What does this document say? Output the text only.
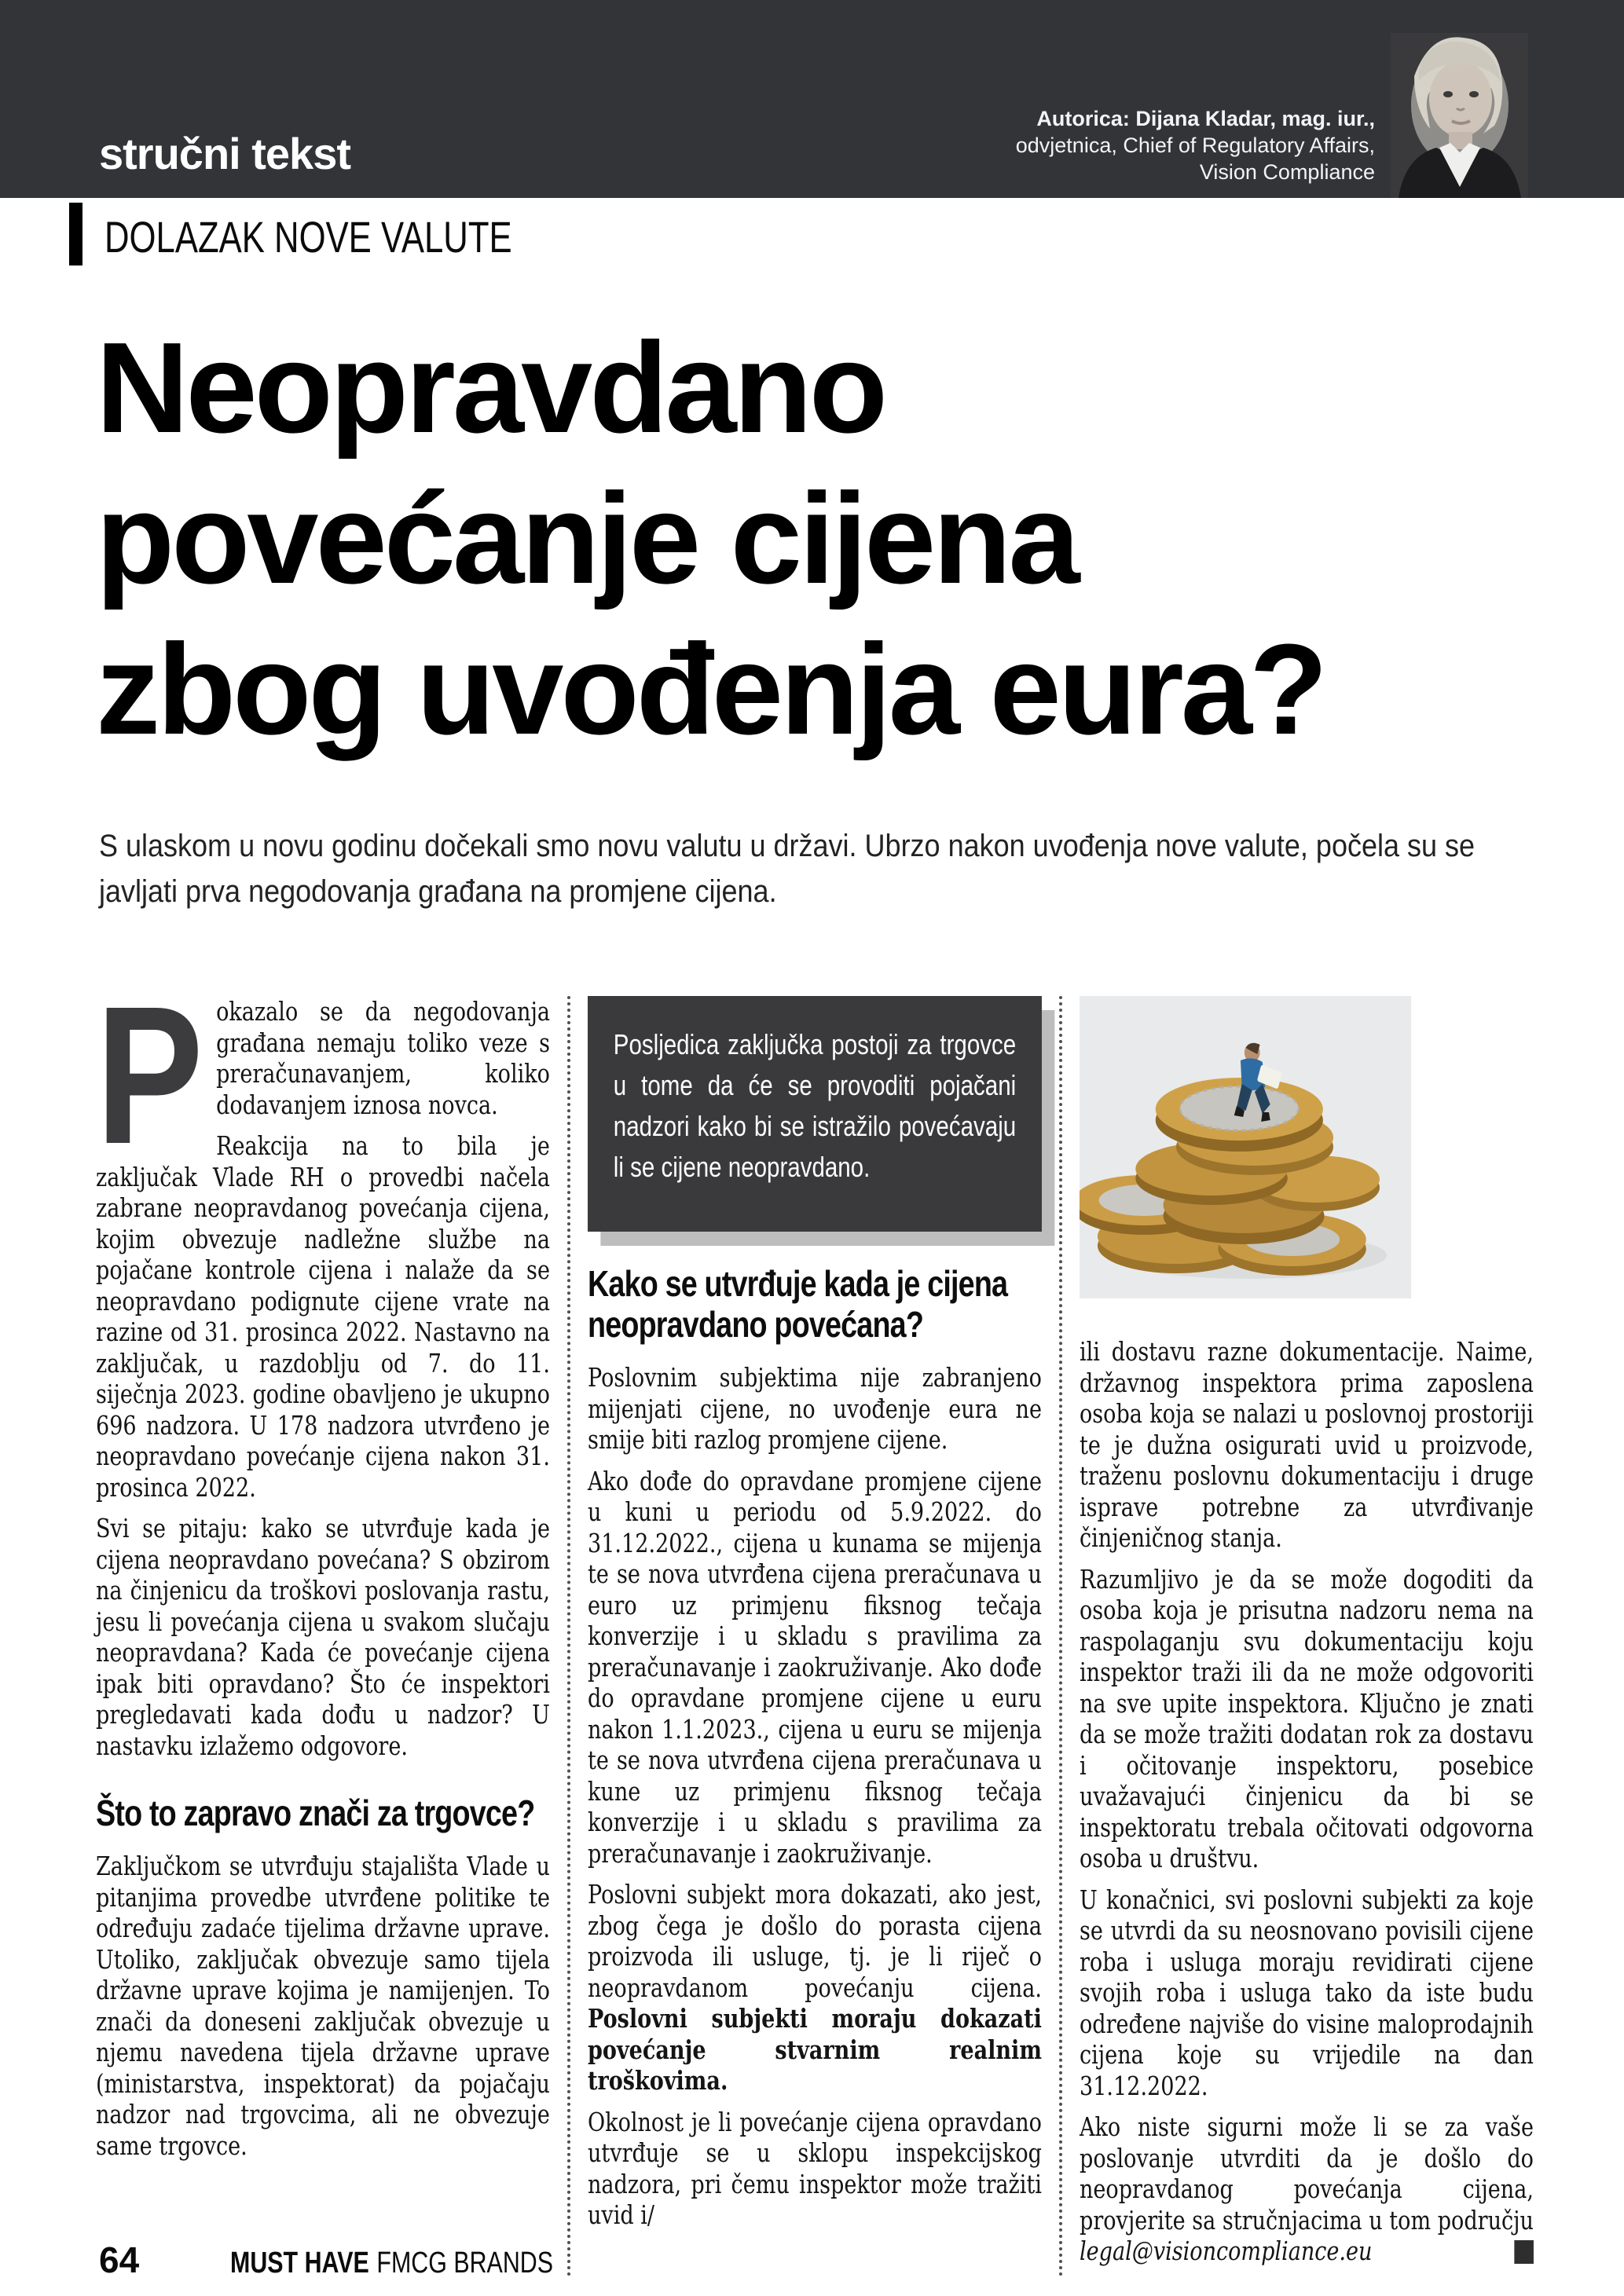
stručni tekst
Autorica: Dijana Kladar, mag. iur.,
odvjetnica, Chief of Regulatory Affairs,
Vision Compliance
DOLAZAK NOVE VALUTE
Neopravdano
povećanje cijena
zbog uvođenja eura?

S ulaskom u novu godinu dočekali smo novu valutu u državi. Ubrzo nakon uvođenja nove valute, počela su se javljati prva negodovanja građana na promjene cijena.

Pokazalo se da negodovanja građana nemaju toliko veze s preračunavanjem, koliko dodavanjem iznosa novca.

Reakcija na to bila je zaključak Vlade RH o provedbi načela zabrane neopravdanog povećanja cijena, kojim obvezuje nadležne službe na pojačane kontrole cijena i nalaže da se neopravdano podignute cijene vrate na razine od 31. prosinca 2022. Nastavno na zaključak, u razdoblju od 7. do 11. siječnja 2023. godine obavljeno je ukupno 696 nadzora. U 178 nadzora utvrđeno je neopravdano povećanje cijena nakon 31. prosinca 2022.

Svi se pitaju: kako se utvrđuje kada je cijena neopravdano povećana? S obzirom na činjenicu da troškovi poslovanja rastu, jesu li povećanja cijena u svakom slučaju neopravdana? Kada će povećanje cijena ipak biti opravdano? Što će inspektori pregledavati kada dođu u nadzor? U nastavku izlažemo odgovore.

Što to zapravo znači za trgovce?

Zaključkom se utvrđuju stajališta Vlade u pitanjima provedbe utvrđene politike te određuju zadaće tijelima državne uprave. Utoliko, zaključak obvezuje samo tijela državne uprave kojima je namijenjen. To znači da doneseni zaključak obvezuje u njemu navedena tijela državne uprave (ministarstva, inspektorat) da pojačaju nadzor nad trgovcima, ali ne obvezuje same trgovce.

Posljedica zaključka postoji za trgovce u tome da će se provoditi pojačani nadzori kako bi se istražilo povećavaju li se cijene neopravdano.
Kako se utvrđuje kada je cijena neopravdano povećana?

Poslovnim subjektima nije zabranjeno mijenjati cijene, no uvođenje eura ne smije biti razlog promjene cijene.

Ako dođe do opravdane promjene cijene u kuni u periodu od 5.9.2022. do 31.12.2022., cijena u kunama se mijenja te se nova utvrđena cijena preračunava u euro uz primjenu fiksnog tečaja konverzije i u skladu s pravilima za preračunavanje i zaokruživanje. Ako dođe do opravdane promjene cijene u euru nakon 1.1.2023., cijena u euru se mijenja te se nova utvrđena cijena preračunava u kune uz primjenu fiksnog tečaja konverzije i u skladu s pravilima za preračunavanje i zaokruživanje.

Poslovni subjekt mora dokazati, ako jest, zbog čega je došlo do porasta cijena proizvoda ili usluge, tj. je li riječ o neopravdanom povećanju cijena. Poslovni subjekti moraju dokazati povećanje stvarnim realnim troškovima.

Okolnost je li povećanje cijena opravdano utvrđuje se u sklopu inspekcijskog nadzora, pri čemu inspektor može tražiti uvid i/

ili dostavu razne dokumentacije. Naime, državnog inspektora prima zaposlena osoba koja se nalazi u poslovnoj prostoriji te je dužna osigurati uvid u proizvode, traženu poslovnu dokumentaciju i druge isprave potrebne za utvrđivanje činjeničnog stanja.

Razumljivo je da se može dogoditi da osoba koja je prisutna nadzoru nema na raspolaganju svu dokumentaciju koju inspektor traži ili da ne može odgovoriti na sve upite inspektora. Ključno je znati da se može tražiti dodatan rok za dostavu i očitovanje inspektoru, posebice uvažavajući činjenicu da bi se inspektoratu trebala očitovati odgovorna osoba u društvu.

U konačnici, svi poslovni subjekti za koje se utvrdi da su neosnovano povisili cijene roba i usluga moraju revidirati cijene svojih roba i usluga tako da iste budu određene najviše do visine maloprodajnih cijena koje su vrijedile na dan 31.12.2022.

Ako niste sigurni može li se za vaše poslovanje utvrditi da je došlo do neopravdanog povećanja cijena, provjerite sa stručnjacima u tom području legal@visioncompliance.eu

64	MUST HAVE FMCG BRANDS
